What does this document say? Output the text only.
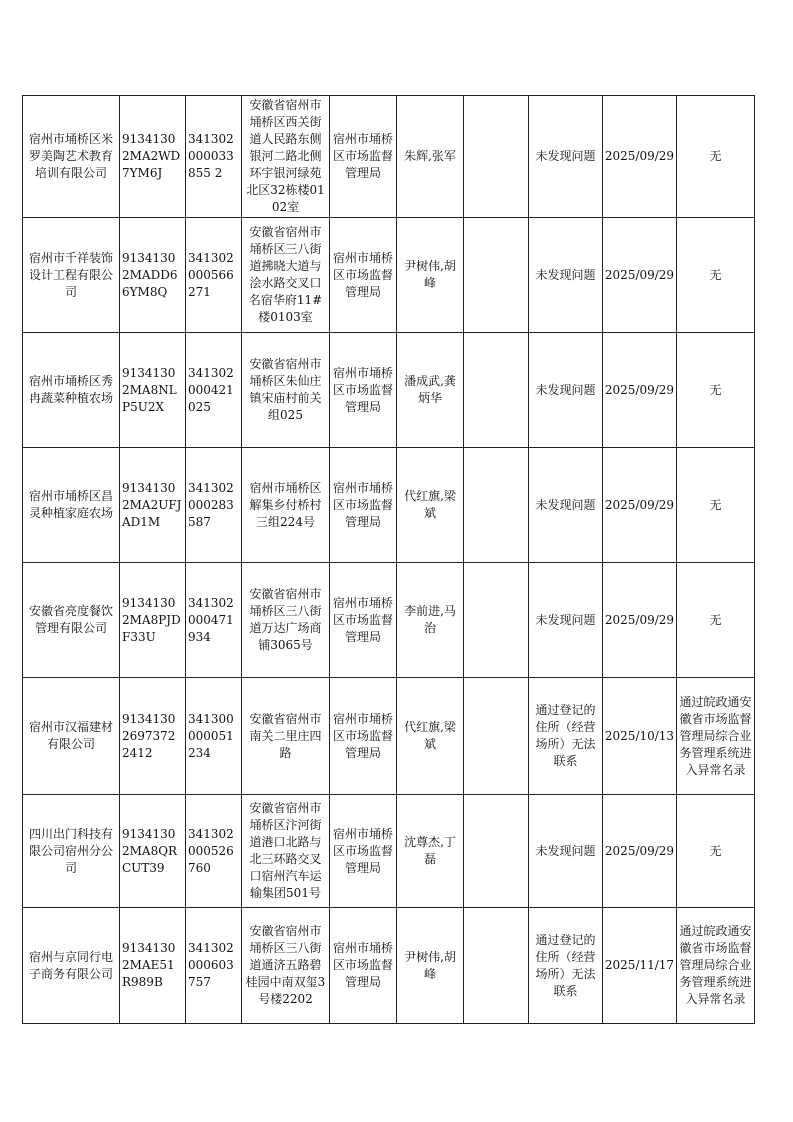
宿州市埇桥区米罗美陶艺术教育培训有限公司	91341302MA2WD7YM6J	341302000033855 2	安徽省宿州市埇桥区西关街道人民路东侧银河二路北侧环宇银河绿苑北区32栋楼0102室	宿州市埇桥区市场监督管理局	朱辉,张军		未发现问题	2025/09/29	无
宿州市千祥装饰设计工程有限公司	91341302MADD66YM8Q	341302000566271	安徽省宿州市埇桥区三八街道拂晓大道与浍水路交叉口名宿华府11#楼0103室	宿州市埇桥区市场监督管理局	尹树伟,胡峰		未发现问题	2025/09/29	无
宿州市埇桥区秀冉蔬菜种植农场	91341302MA8NLP5U2X	341302000421025	安徽省宿州市埇桥区朱仙庄镇宋庙村前关组025	宿州市埇桥区市场监督管理局	潘成武,龚炳华		未发现问题	2025/09/29	无
宿州市埇桥区昌灵种植家庭农场	91341302MA2UFJAD1M	341302000283587	宿州市埇桥区解集乡付桥村三组224号	宿州市埇桥区市场监督管理局	代红旗,梁斌		未发现问题	2025/09/29	无
安徽省亮度餐饮管理有限公司	91341302MA8PJDF33U	341302000471934	安徽省宿州市埇桥区三八街道万达广场商铺3065号	宿州市埇桥区市场监督管理局	李前进,马治		未发现问题	2025/09/29	无
宿州市汉福建材有限公司	913413026973722412	341300000051234	安徽省宿州市南关二里庄四路	宿州市埇桥区市场监督管理局	代红旗,梁斌		通过登记的住所（经营场所）无法联系	2025/10/13	通过皖政通安徽省市场监督管理局综合业务管理系统进入异常名录
四川出门科技有限公司宿州分公司	91341302MA8QRCUT39	341302000526760	安徽省宿州市埇桥区汴河街道港口北路与北三环路交叉口宿州汽车运输集团501号	宿州市埇桥区市场监督管理局	沈尊杰,丁磊		未发现问题	2025/09/29	无
宿州与京同行电子商务有限公司	91341302MAE51R989B	341302000603757	安徽省宿州市埇桥区三八街道通济五路碧桂园中南双玺3号楼2202	宿州市埇桥区市场监督管理局	尹树伟,胡峰		通过登记的住所（经营场所）无法联系	2025/11/17	通过皖政通安徽省市场监督管理局综合业务管理系统进入异常名录
